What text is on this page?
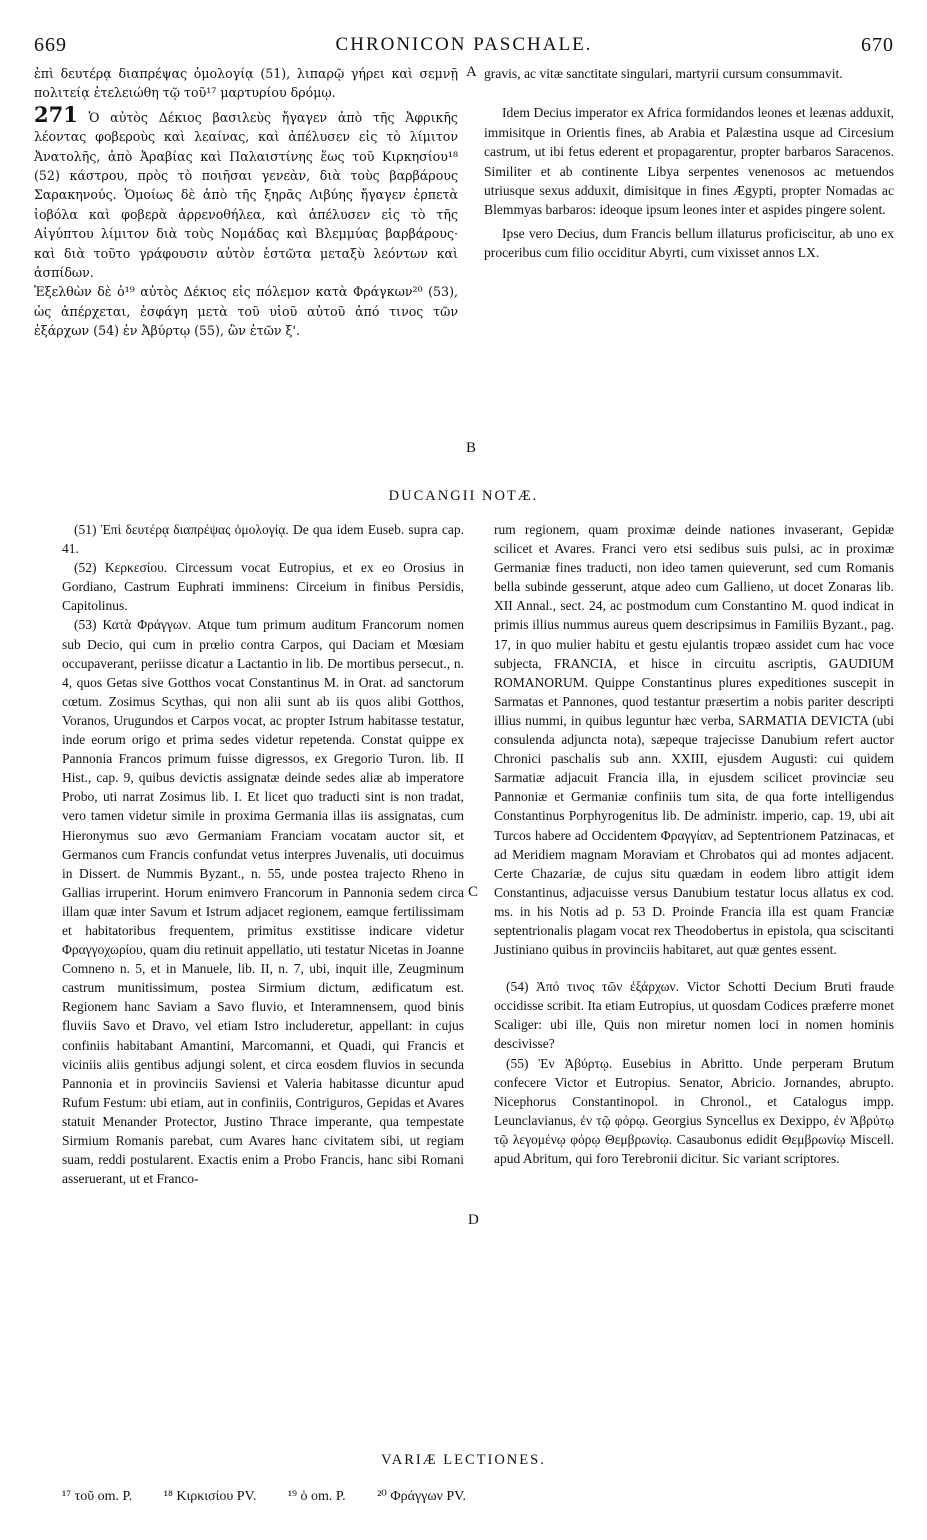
669	CHRONICON PASCHALE.	670

ἐπὶ δευτέρᾳ διαπρέψας ὁμολογίᾳ (51), λιπαρῷ γήρει καὶ σεμνῇ πολιτείᾳ ἐτελειώθη τῷ τοῦ¹⁷ μαρτυρίου δρόμῳ.

271 Ὁ αὐτὸς Δέκιος βασιλεὺς ἤγαγεν ἀπὸ τῆς Ἀφρικῆς λέοντας φοβεροὺς καὶ λεαίνας, καὶ ἀπέλυσεν εἰς τὸ λίμιτον Ἀνατολῆς, ἀπὸ Ἀραβίας καὶ Παλαιστίνης ἕως τοῦ Κιρκησίου¹⁸ (52) κάστρου, πρὸς τὸ ποιῆσαι γενεὰν, διὰ τοὺς βαρβάρους Σαρακηνούς. Ὁμοίως δὲ ἀπὸ τῆς ξηρᾶς Λιβύης ἤγαγεν ἑρπετὰ ἰοβόλα καὶ φοβερὰ ἀρρενοθήλεα, καὶ ἀπέλυσεν εἰς τὸ τῆς Αἰγύπτου λίμιτον διὰ τοὺς Νομάδας καὶ Βλεμμύας βαρβάρους· καὶ διὰ τοῦτο γράφουσιν αὐτὸν ἑστῶτα μεταξὺ λεόντων καὶ ἀσπίδων.

Ἐξελθὼν δὲ ὁ¹⁹ αὐτὸς Δέκιος εἰς πόλεμον κατὰ Φράγκων²⁰ (53), ὡς ἀπέρχεται, ἐσφάγη μετὰ τοῦ υἱοῦ αὐτοῦ ἀπό τινος τῶν ἐξάρχων (54) ἐν Ἀβύρτῳ (55), ὢν ἐτῶν ξ'.

gravis, ac vitæ sanctitate singulari, martyrii cursum consummavit.

Idem Decius imperator ex Africa formidandos leones et leænas adduxit, immisitque in Orientis fines, ab Arabia et Palæstina usque ad Circesium castrum, ut ibi fetus ederent et propagarentur, propter barbaros Saracenos. Similiter et ab continente Libya serpentes venenosos ac metuendos utriusque sexus adduxit, dimisitque in fines Ægypti, propter Nomadas ac Blemmyas barbaros: ideoque ipsum leones inter et aspides pingere solent.

Ipse vero Decius, dum Francis bellum illaturus proficiscitur, ab uno ex proceribus cum filio occiditur Abyrti, cum vixisset annos LX.

A
B
DUCANGII NOTÆ.

(51) Ἐπὶ δευτέρᾳ διαπρέψας ὁμολογίᾳ. De qua idem Euseb. supra cap. 41.

(52) Κερκεσίου. Circessum vocat Eutropius, et ex eo Orosius in Gordiano, Castrum Euphrati imminens: Circeium in finibus Persidis, Capitolinus.

(53) Κατὰ Φράγγων. Atque tum primum auditum Francorum nomen sub Decio, qui cum in prœlio contra Carpos, qui Daciam et Mœsiam occupaverant, periisse dicatur a Lactantio in lib. De mortibus persecut., n. 4, quos Getas sive Gotthos vocat Constantinus M. in Orat. ad sanctorum cœtum. Zosimus Scythas, qui non alii sunt ab iis quos alibi Gotthos, Voranos, Urugundos et Carpos vocat, ac propter Istrum habitasse testatur, inde eorum origo et prima sedes videtur repetenda. Constat quippe ex Pannonia Francos primum fuisse digressos, ex Gregorio Turon. lib. II Hist., cap. 9, quibus devictis assignatæ deinde sedes aliæ ab imperatore Probo, uti narrat Zosimus lib. I. Et licet quo traducti sint is non tradat, vero tamen videtur simile in proxima Germania illas iis assignatas, cum Hieronymus suo ævo Germaniam Franciam vocatam auctor sit, et Germanos cum Francis confundat vetus interpres Juvenalis, uti docuimus in Dissert. de Nummis Byzant., n. 55, unde postea trajecto Rheno in Gallias irruperint. Horum enimvero Francorum in Pannonia sedem circa illam quæ inter Savum et Istrum adjacet regionem, eamque fertilissimam et habitatoribus frequentem, primitus exstitisse indicare videtur Φραγγοχωρίου, quam diu retinuit appellatio, uti testatur Nicetas in Joanne Comneno n. 5, et in Manuele, lib. II, n. 7, ubi, inquit ille, Zeugminum castrum munitissimum, postea Sirmium dictum, ædificatum est. Regionem hanc Saviam a Savo fluvio, et Interamnensem, quod binis fluviis Savo et Dravo, vel etiam Istro includeretur, appellant: in cujus confiniis habitabant Amantini, Marcomanni, et Quadi, qui Francis et viciniis aliis gentibus adjungi solent, et circa eosdem fluvios in secunda Pannonia et in provinciis Saviensi et Valeria habitasse dicuntur apud Rufum Festum: ubi etiam, aut in confiniis, Contriguros, Gepidas et Avares statuit Menander Protector, Justino Thrace imperante, qua tempestate Sirmium Romanis parebat, cum Avares hanc civitatem sibi, ut regiam suam, reddi postularent. Exactis enim a Probo Francis, hanc sibi Romani asseruerant, ut et Franco-

rum regionem, quam proximæ deinde nationes invaserant, Gepidæ scilicet et Avares. Franci vero etsi sedibus suis pulsi, ac in proximæ Germaniæ fines traducti, non ideo tamen quieverunt, sed cum Romanis bella subinde gesserunt, atque adeo cum Gallieno, ut docet Zonaras lib. XII Annal., sect. 24, ac postmodum cum Constantino M. quod indicat in primis illius nummus aureus quem descripsimus in Familiis Byzant., pag. 17, in quo mulier habitu et gestu ejulantis tropæo assidet cum hac voce subjecta, FRANCIA, et hisce in circuitu ascriptis, GAUDIUM ROMANORUM. Quippe Constantinus plures expeditiones suscepit in Sarmatas et Pannones, quod testantur præsertim a nobis pariter descripti illius nummi, in quibus leguntur hæc verba, SARMATIA DEVICTA (ubi consulenda adjuncta nota), sæpeque trajecisse Danubium refert auctor Chronici paschalis sub ann. XXIII, ejusdem Augusti: cui quidem Sarmatiæ adjacuit Francia illa, in ejusdem scilicet provinciæ seu Pannoniæ et Germaniæ confiniis tum sita, de qua forte intelligendus Constantinus Porphyrogenitus lib. De administr. imperio, cap. 19, ubi ait Turcos habere ad Occidentem Φραγγίαν, ad Septentrionem Patzinacas, et ad Meridiem magnam Moraviam et Chrobatos qui ad montes adjacent. Certe Chazariæ, de cujus situ quædam in eodem libro attigit idem Constantinus, adjacuisse versus Danubium testatur locus allatus ex cod. ms. in his Notis ad p. 53 D. Proinde Francia illa est quam Franciæ septentrionalis plagam vocat rex Theodobertus in epistola, qua sciscitanti Justiniano quibus in provinciis habitaret, aut quæ gentes essent.

(54) Ἀπό τινος τῶν ἐξάρχων. Victor Schotti Decium Bruti fraude occidisse scribit. Ita etiam Eutropius, ut quosdam Codices præferre monet Scaliger: ubi ille, Quis non miretur nomen loci in nomen hominis descivisse?

(55) Ἐν Ἀβύρτῳ. Eusebius in Abritto. Unde perperam Brutum confecere Victor et Eutropius. Senator, Abricio. Jornandes, abrupto. Nicephorus Constantinopol. in Chronol., et Catalogus impp. Leunclavianus, ἐν τῷ φόρῳ. Georgius Syncellus ex Dexippo, ἐν Ἀβρύτῳ τῷ λεγομένῳ φόρῳ Θεμβρωνίῳ. Casaubonus edidit Θεμβρωνίῳ Miscell. apud Abritum, qui foro Terebronii dicitur. Sic variant scriptores.

C
D
VARIÆ LECTIONES.
¹⁷ τοῦ om. P. ¹⁸ Κιρκισίου PV. ¹⁹ ὁ om. P. ²⁰ Φράγγων PV.
